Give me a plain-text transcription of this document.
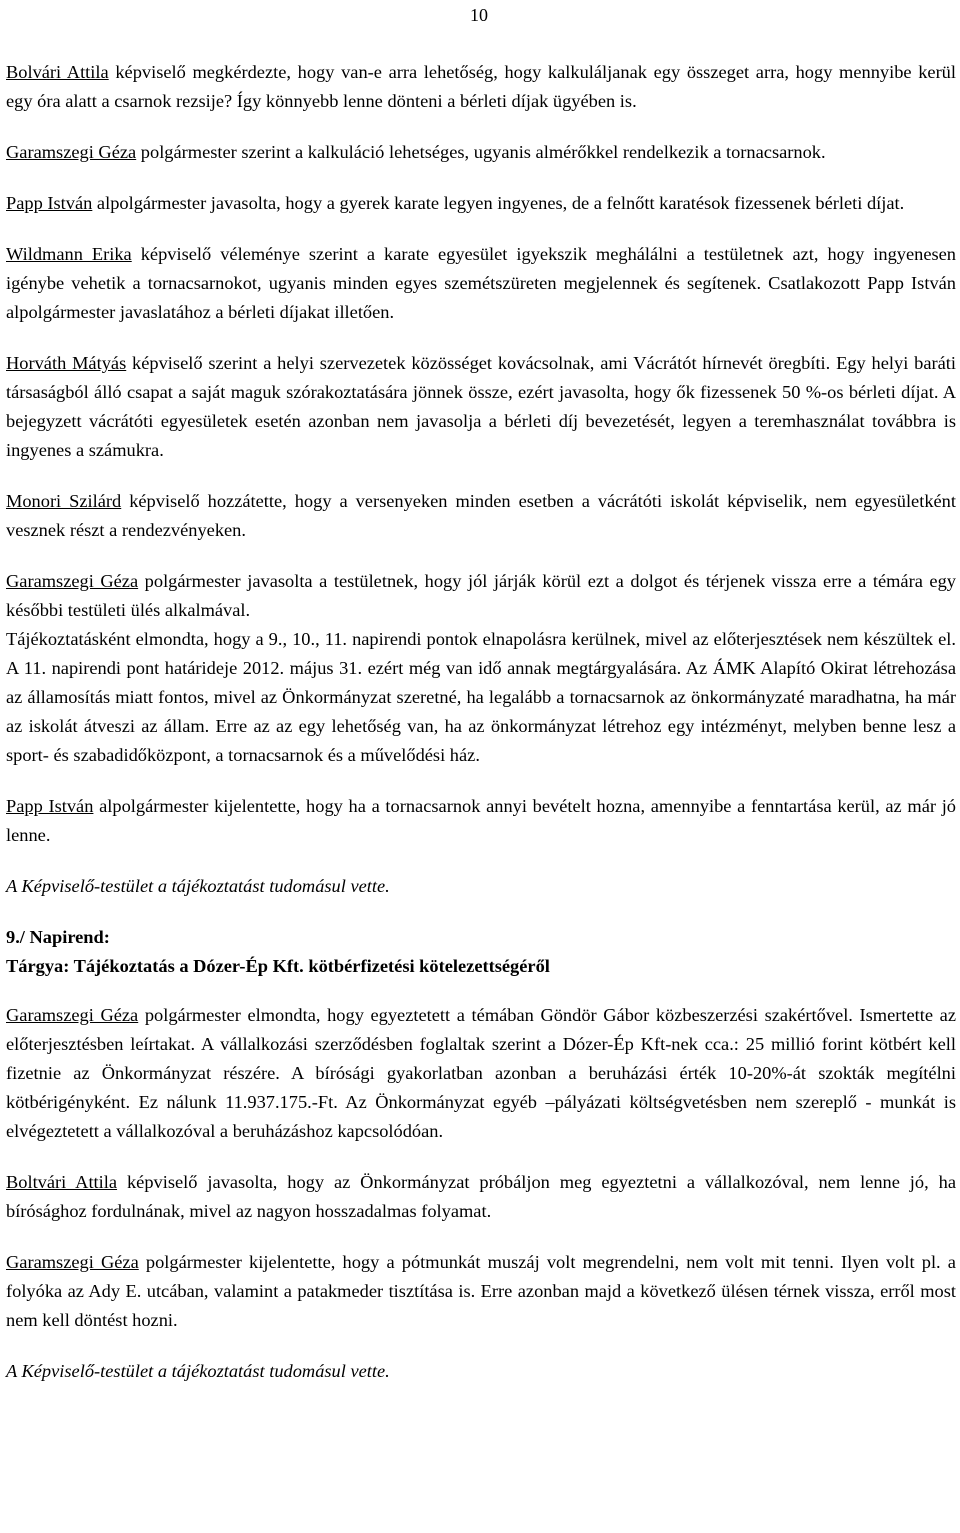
10

Bolvári Attila képviselő megkérdezte, hogy van-e arra lehetőség, hogy kalkuláljanak egy összeget arra, hogy mennyibe kerül egy óra alatt a csarnok rezsije? Így könnyebb lenne dönteni a bérleti díjak ügyében is.

Garamszegi Géza polgármester szerint a kalkuláció lehetséges, ugyanis almérőkkel rendelkezik a tornacsarnok.

Papp István alpolgármester javasolta, hogy a gyerek karate legyen ingyenes, de a felnőtt karatésok fizessenek bérleti díjat.

Wildmann Erika képviselő véleménye szerint a karate egyesület igyekszik meghálálni a testületnek azt, hogy ingyenesen igénybe vehetik a tornacsarnokot, ugyanis minden egyes szemétszüreten megjelennek és segítenek. Csatlakozott Papp István alpolgármester javaslatához a bérleti díjakat illetően.

Horváth Mátyás képviselő szerint a helyi szervezetek közösséget kovácsolnak, ami Vácrátót hírnevét öregbíti. Egy helyi baráti társaságból álló csapat a saját maguk szórakoztatására jönnek össze, ezért javasolta, hogy ők fizessenek 50 %-os bérleti díjat. A bejegyzett vácrátóti egyesületek esetén azonban nem javasolja a bérleti díj bevezetését, legyen a teremhasználat továbbra is ingyenes a számukra.

Monori Szilárd képviselő hozzátette, hogy a versenyeken minden esetben a vácrátóti iskolát képviselik, nem egyesületként vesznek részt a rendezvényeken.

Garamszegi Géza polgármester javasolta a testületnek, hogy jól járják körül ezt a dolgot és térjenek vissza erre a témára egy későbbi testületi ülés alkalmával.

Tájékoztatásként elmondta, hogy a 9., 10., 11. napirendi pontok elnapolásra kerülnek, mivel az előterjesztések nem készültek el. A 11. napirendi pont határideje 2012. május 31. ezért még van idő annak megtárgyalására. Az ÁMK Alapító Okirat létrehozása az államosítás miatt fontos, mivel az Önkormányzat szeretné, ha legalább a tornacsarnok az önkormányzaté maradhatna, ha már az iskolát átveszi az állam. Erre az az egy lehetőség van, ha az önkormányzat létrehoz egy intézményt, melyben benne lesz a sport- és szabadidőközpont, a tornacsarnok és a művelődési ház.

Papp István alpolgármester kijelentette, hogy ha a tornacsarnok annyi bevételt hozna, amennyibe a fenntartása kerül, az már jó lenne.

A Képviselő-testület a tájékoztatást tudomásul vette.

9./ Napirend:
Tárgya: Tájékoztatás a Dózer-Ép Kft. kötbérfizetési kötelezettségéről

Garamszegi Géza polgármester elmondta, hogy egyeztetett a témában Göndör Gábor közbeszerzési szakértővel. Ismertette az előterjesztésben leírtakat. A vállalkozási szerződésben foglaltak szerint a Dózer-Ép Kft-nek cca.: 25 millió forint kötbért kell fizetnie az Önkormányzat részére. A bírósági gyakorlatban azonban a beruházási érték 10-20%-át szokták megítélni kötbérigényként. Ez nálunk 11.937.175.-Ft. Az Önkormányzat egyéb –pályázati költségvetésben nem szereplő - munkát is elvégeztetett a vállalkozóval a beruházáshoz kapcsolódóan.

Boltvári Attila képviselő javasolta, hogy az Önkormányzat próbáljon meg egyeztetni a vállalkozóval, nem lenne jó, ha bírósághoz fordulnának, mivel az nagyon hosszadalmas folyamat.

Garamszegi Géza polgármester kijelentette, hogy a pótmunkát muszáj volt megrendelni, nem volt mit tenni. Ilyen volt pl. a folyóka az Ady E. utcában, valamint a patakmeder tisztítása is. Erre azonban majd a következő ülésen térnek vissza, erről most nem kell döntést hozni.

A Képviselő-testület a tájékoztatást tudomásul vette.
